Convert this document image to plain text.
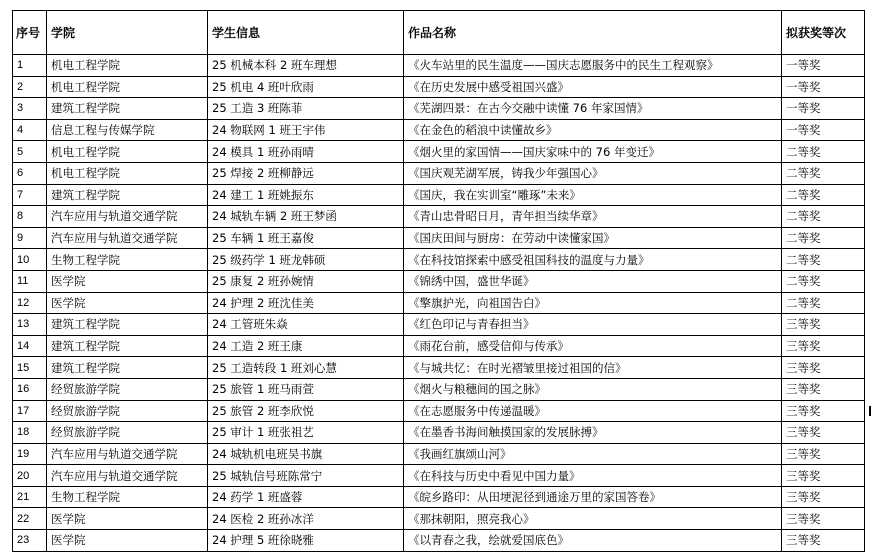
序号	学院	学生信息	作品名称	拟获奖等次
1	机电工程学院	25 机械本科 2 班车理想	《火车站里的民生温度——国庆志愿服务中的民生工程观察》	一等奖
2	机电工程学院	25 机电 4 班叶欣雨	《在历史发展中感受祖国兴盛》	一等奖
3	建筑工程学院	25 工造 3 班陈菲	《芜湖四景：在古今交融中读懂 76 年家国情》	一等奖
4	信息工程与传媒学院	24 物联网 1 班王宇伟	《在金色的稻浪中读懂故乡》	一等奖
5	机电工程学院	24 模具 1 班孙雨晴	《烟火里的家国情——国庆家味中的 76 年变迁》	二等奖
6	机电工程学院	25 焊接 2 班柳静远	《国庆观芜湖军展，铸我少年强国心》	二等奖
7	建筑工程学院	24 建工 1 班姚振东	《国庆，我在实训室“雕琢”未来》	二等奖
8	汽车应用与轨道交通学院	24 城轨车辆 2 班王梦函	《青山忠骨昭日月，青年担当续华章》	二等奖
9	汽车应用与轨道交通学院	25 车辆 1 班王嘉俊	《国庆田间与厨房：在劳动中读懂家国》	二等奖
10	生物工程学院	25 级药学 1 班龙韩硕	《在科技馆探索中感受祖国科技的温度与力量》	二等奖
11	医学院	25 康复 2 班孙婉情	《锦绣中国，盛世华诞》	二等奖
12	医学院	24 护理 2 班沈佳美	《擎旗护光，向祖国告白》	二等奖
13	建筑工程学院	24 工管班朱焱	《红色印记与青春担当》	三等奖
14	建筑工程学院	24 工造 2 班王康	《雨花台前，感受信仰与传承》	三等奖
15	建筑工程学院	25 工造转段 1 班刘心慧	《与城共忆：在时光褶皱里接过祖国的信》	三等奖
16	经贸旅游学院	25 旅管 1 班马雨萱	《烟火与粮穗间的国之脉》	三等奖
17	经贸旅游学院	25 旅管 2 班李欣悦	《在志愿服务中传递温暖》	三等奖
18	经贸旅游学院	25 审计 1 班张祖艺	《在墨香书海间触摸国家的发展脉搏》	三等奖
19	汽车应用与轨道交通学院	24 城轨机电班吴书旗	《我画红旗颂山河》	三等奖
20	汽车应用与轨道交通学院	25 城轨信号班陈常宁	《在科技与历史中看见中国力量》	三等奖
21	生物工程学院	24 药学 1 班盛蓉	《皖乡路印：从田埂泥径到通途万里的家国答卷》	三等奖
22	医学院	24 医检 2 班孙冰洋	《那抹朝阳，照亮我心》	三等奖
23	医学院	24 护理 5 班徐晓雅	《以青春之我，绘就爱国底色》	三等奖
